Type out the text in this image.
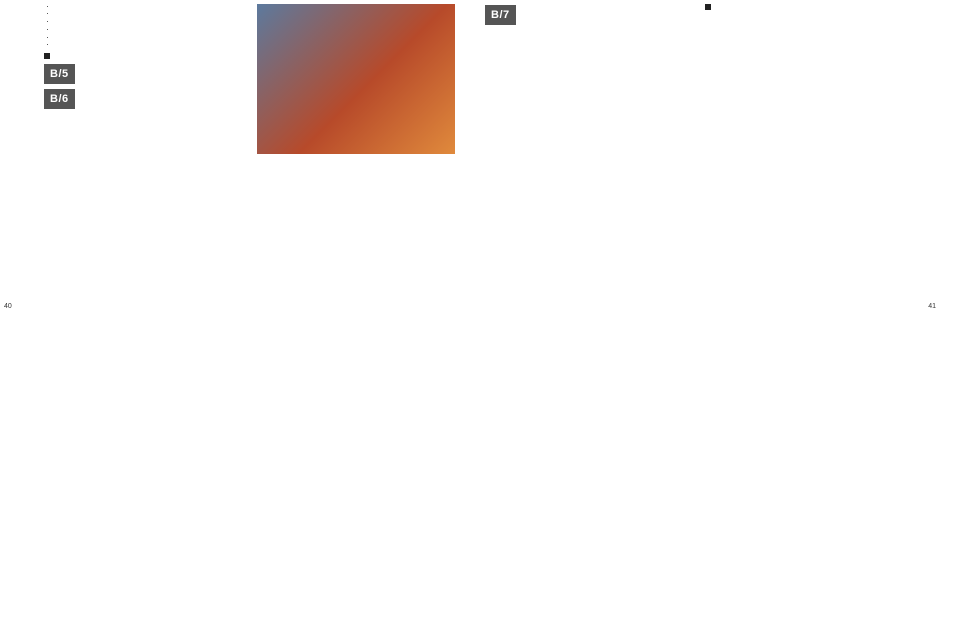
40

•
•
•
•
•
•

B/5

B/6

41

B/7
